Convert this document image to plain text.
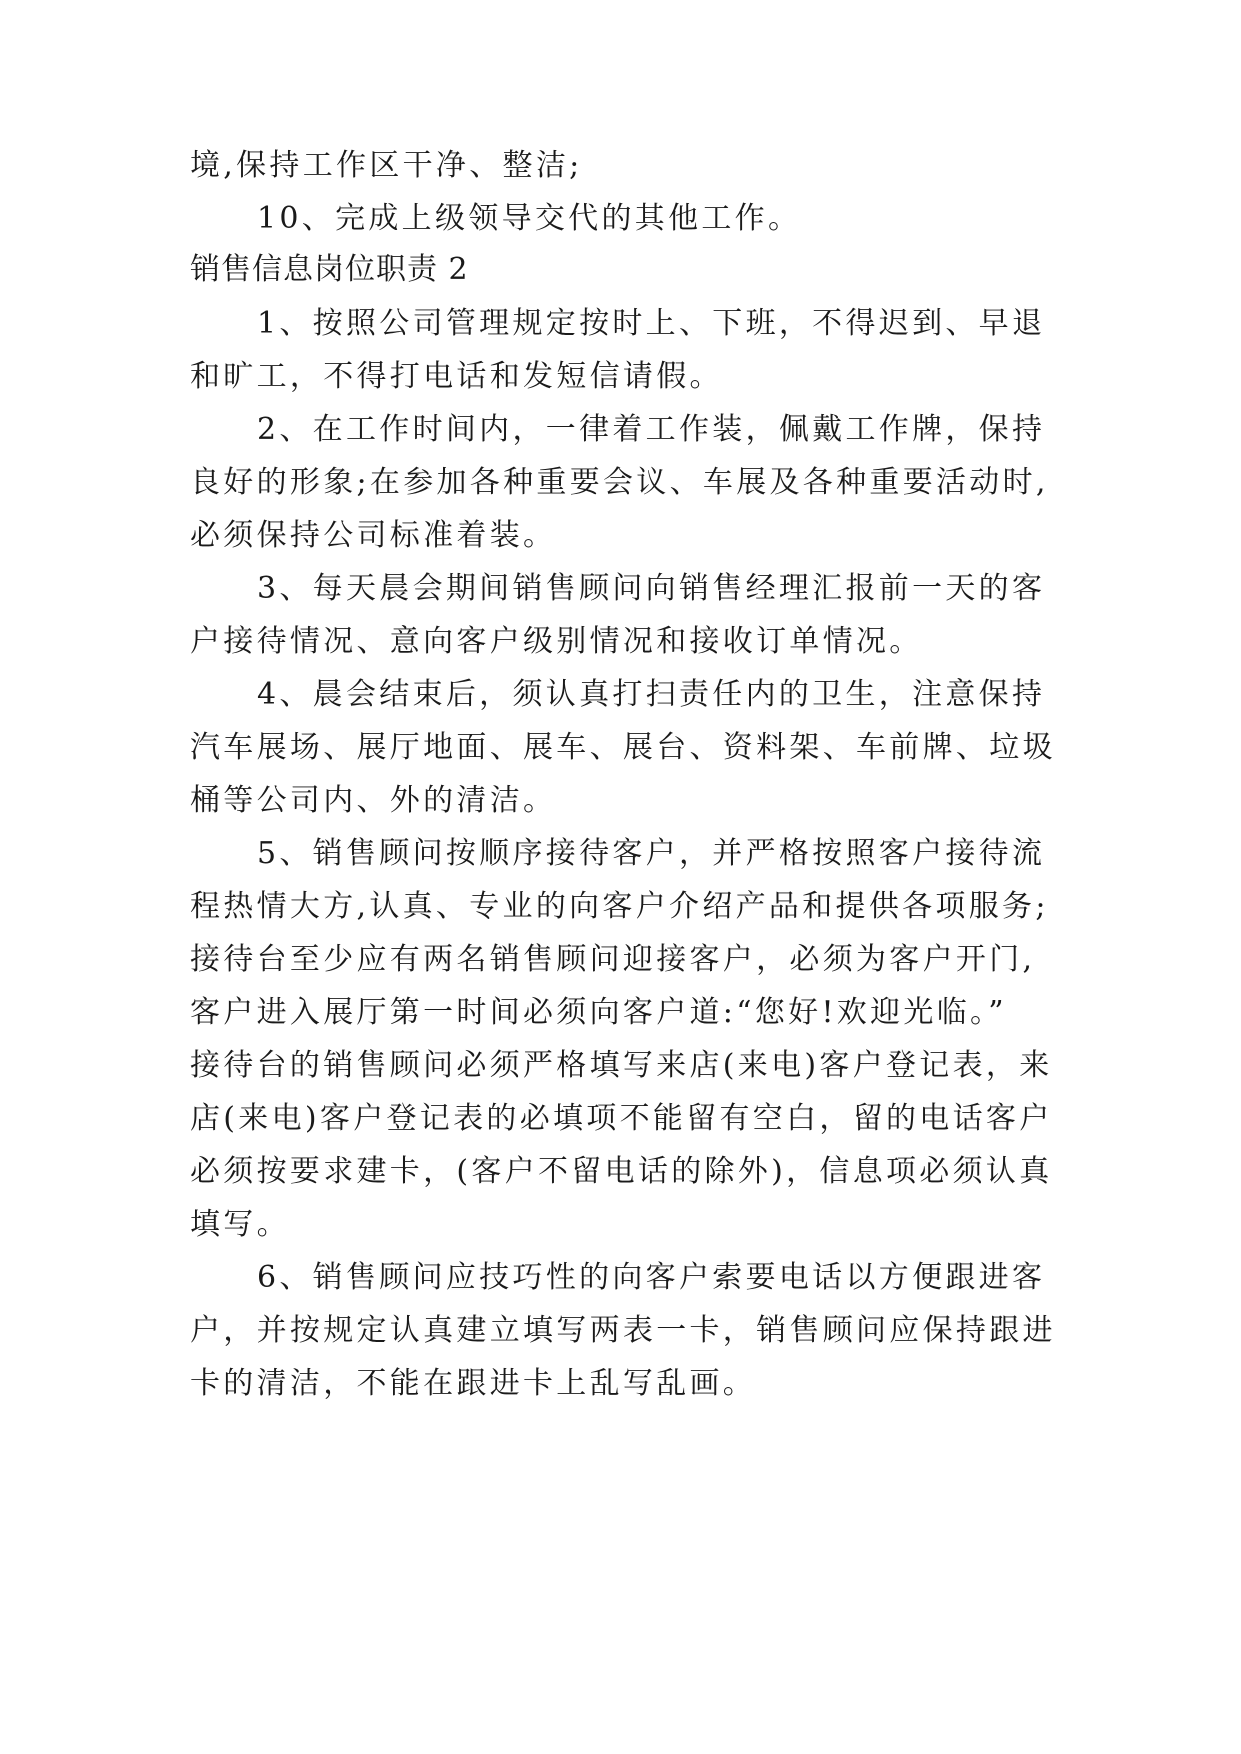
境,保持工作区干净、整洁;
10、完成上级领导交代的其他工作。
销售信息岗位职责 2
1、按照公司管理规定按时上、下班，不得迟到、早退
和旷工，不得打电话和发短信请假。
2、在工作时间内，一律着工作装，佩戴工作牌，保持
良好的形象;在参加各种重要会议、车展及各种重要活动时,
必须保持公司标准着装。
3、每天晨会期间销售顾问向销售经理汇报前一天的客
户接待情况、意向客户级别情况和接收订单情况。
4、晨会结束后，须认真打扫责任内的卫生，注意保持
汽车展场、展厅地面、展车、展台、资料架、车前牌、垃圾
桶等公司内、外的清洁。
5、销售顾问按顺序接待客户，并严格按照客户接待流
程热情大方,认真、专业的向客户介绍产品和提供各项服务;
接待台至少应有两名销售顾问迎接客户，必须为客户开门,
客户进入展厅第一时间必须向客户道:“您好!欢迎光临。”
接待台的销售顾问必须严格填写来店(来电)客户登记表，来
店(来电)客户登记表的必填项不能留有空白，留的电话客户
必须按要求建卡，(客户不留电话的除外)，信息项必须认真
填写。
6、销售顾问应技巧性的向客户索要电话以方便跟进客
户，并按规定认真建立填写两表一卡，销售顾问应保持跟进
卡的清洁，不能在跟进卡上乱写乱画。
